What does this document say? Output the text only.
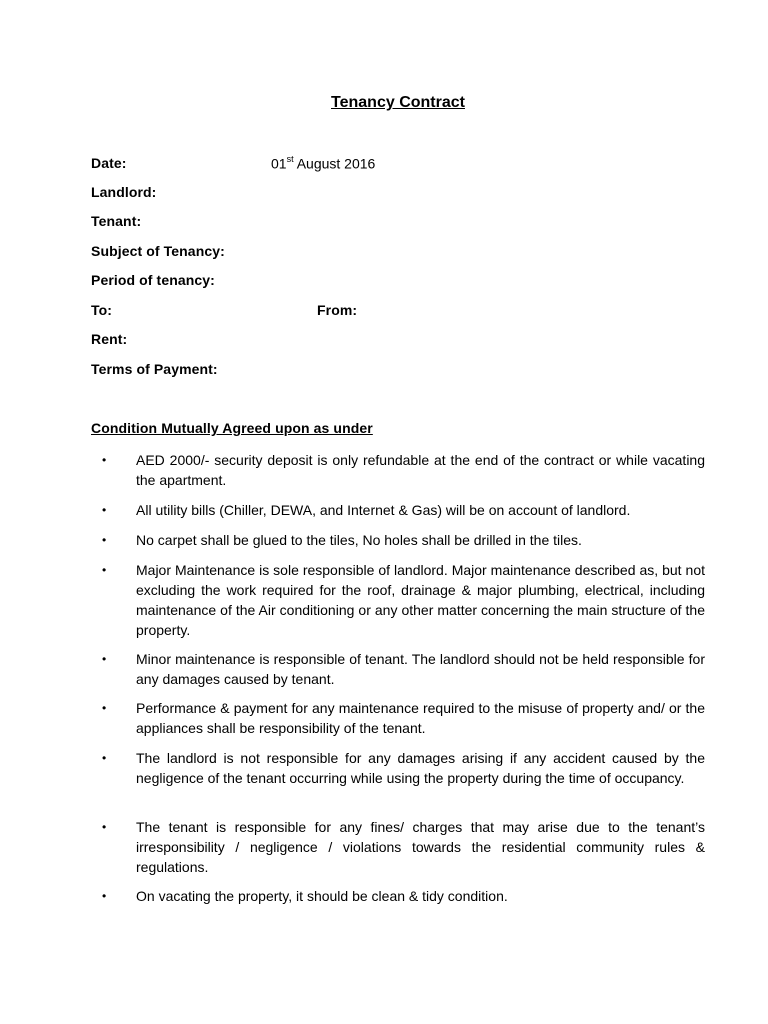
Tenancy Contract
Date:	01st August 2016
Landlord:
Tenant:
Subject of Tenancy:
Period of tenancy:
To:	From:
Rent:
Terms of Payment:
Condition Mutually Agreed upon as under
•	AED 2000/- security deposit is only refundable at the end of the contract or while vacating the apartment.
•	All utility bills (Chiller, DEWA, and Internet & Gas) will be on account of landlord.
•	No carpet shall be glued to the tiles, No holes shall be drilled in the tiles.
•	Major Maintenance is sole responsible of landlord. Major maintenance described as, but not excluding the work required for the roof, drainage & major plumbing, electrical, including maintenance of the Air conditioning or any other matter concerning the main structure of the property.
•	Minor maintenance is responsible of tenant. The landlord should not be held responsible for any damages caused by tenant.
•	Performance & payment for any maintenance required to the misuse of property and/ or the appliances shall be responsibility of the tenant.
•	The landlord is not responsible for any damages arising if any accident caused by the negligence of the tenant occurring while using the property during the time of occupancy.
•	The tenant is responsible for any fines/ charges that may arise due to the tenant’s irresponsibility / negligence / violations towards the residential community rules & regulations.
•	On vacating the property, it should be clean & tidy condition.
